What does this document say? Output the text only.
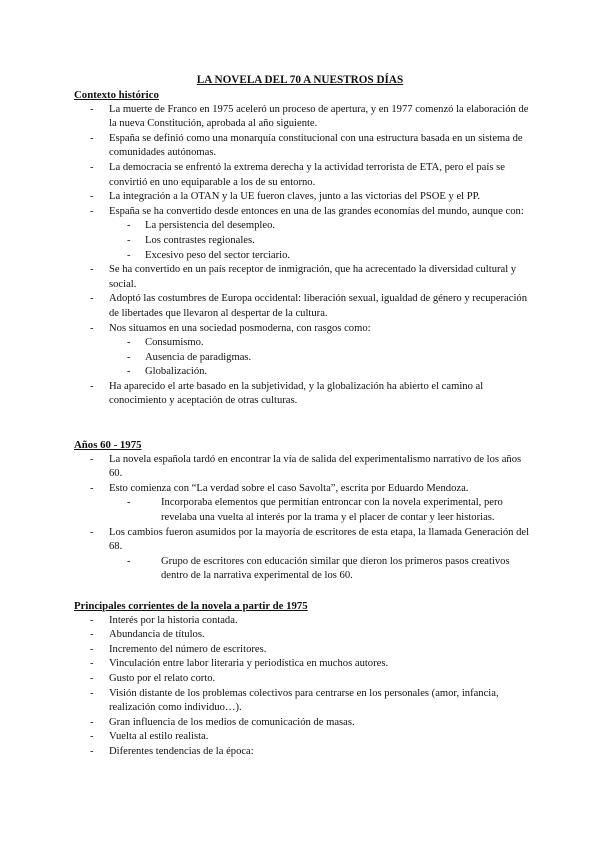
LA NOVELA DEL 70 A NUESTROS DÍAS
Contexto histórico
- La muerte de Franco en 1975 aceleró un proceso de apertura, y en 1977 comenzó la elaboración de la nueva Constitución, aprobada al año siguiente.
- España se definió como una monarquía constitucional con una estructura basada en un sistema de comunidades autónomas.
- La democracia se enfrentó la extrema derecha y la actividad terrorista de ETA, pero el país se convirtió en uno equiparable a los de su entorno.
- La integración a la OTAN y la UE fueron claves, junto a las victorias del PSOE y el PP.
- España se ha convertido desde entonces en una de las grandes economías del mundo, aunque con:
- La persistencia del desempleo.
- Los contrastes regionales.
- Excesivo peso del sector terciario.
- Se ha convertido en un país receptor de inmigración, que ha acrecentado la diversidad cultural y social.
- Adoptó las costumbres de Europa occidental: liberación sexual, igualdad de género y recuperación de libertades que llevaron al despertar de la cultura.
- Nos situamos en una sociedad posmoderna, con rasgos como:
- Consumismo.
- Ausencia de paradigmas.
- Globalización.
- Ha aparecido el arte basado en la subjetividad, y la globalización ha abierto el camino al conocimiento y aceptación de otras culturas.
Años 60 - 1975
- La novela española tardó en encontrar la vía de salida del experimentalismo narrativo de los años 60.
- Esto comienza con “La verdad sobre el caso Savolta”, escrita por Eduardo Mendoza.
-	Incorporaba elementos que permitían entroncar con la novela experimental, pero revelaba una vuelta al interés por la trama y el placer de contar y leer historias.
- Los cambios fueron asumidos por la mayoría de escritores de esta etapa, la llamada Generación del 68.
-	Grupo de escritores con educación similar que dieron los primeros pasos creativos dentro de la narrativa experimental de los 60.
Principales corrientes de la novela a partir de 1975
- Interés por la historia contada.
- Abundancia de títulos.
- Incremento del número de escritores.
- Vinculación entre labor literaria y periodística en muchos autores.
- Gusto por el relato corto.
- Visión distante de los problemas colectivos para centrarse en los personales (amor, infancia, realización como individuo…).
- Gran influencia de los medios de comunicación de masas.
- Vuelta al estilo realista.
- Diferentes tendencias de la época:
